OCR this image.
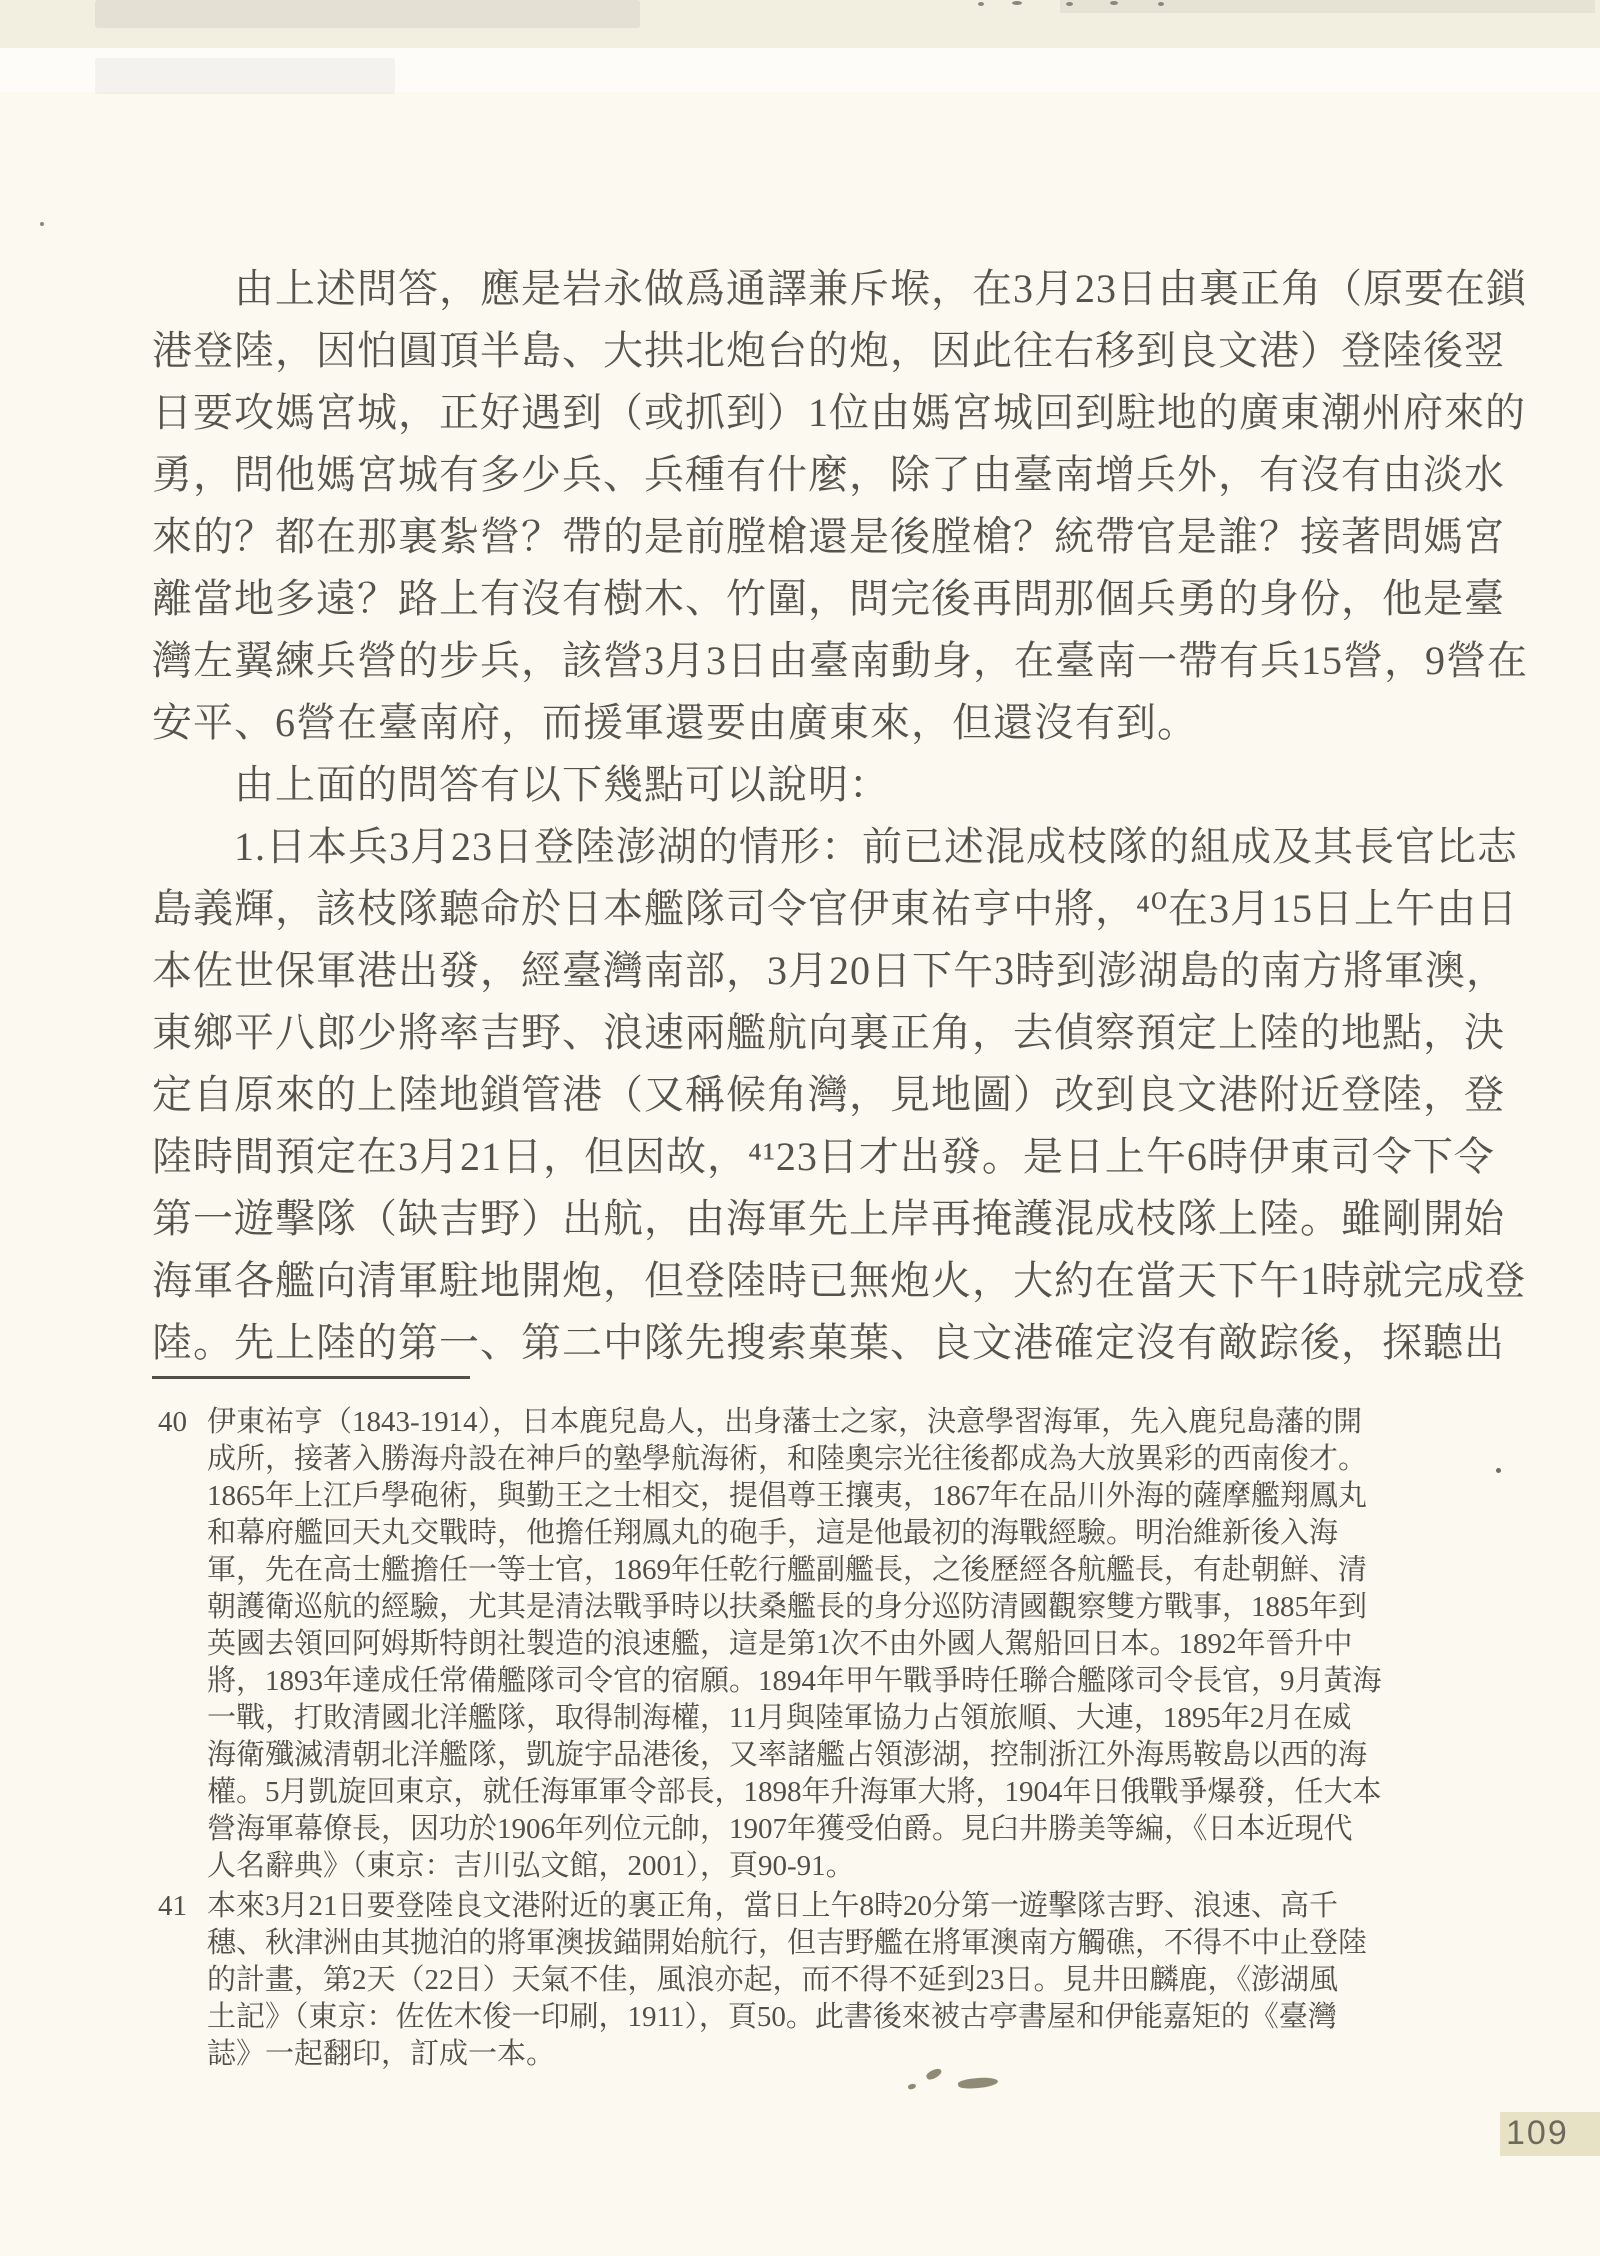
　　由上述問答，應是岩永做爲通譯兼斥堠，在3月23日由裏正角（原要在鎖
港登陸，因怕圓頂半島、大拱北炮台的炮，因此往右移到良文港）登陸後翌
日要攻媽宮城，正好遇到（或抓到）1位由媽宮城回到駐地的廣東潮州府來的
勇，問他媽宮城有多少兵、兵種有什麼，除了由臺南增兵外，有沒有由淡水
來的？都在那裏紮營？帶的是前膛槍還是後膛槍？統帶官是誰？接著問媽宮
離當地多遠？路上有沒有樹木、竹圍，問完後再問那個兵勇的身份，他是臺
灣左翼練兵營的步兵，該營3月3日由臺南動身，在臺南一帶有兵15營，9營在
安平、6營在臺南府，而援軍還要由廣東來，但還沒有到。
　　由上面的問答有以下幾點可以說明：
　　1.日本兵3月23日登陸澎湖的情形：前已述混成枝隊的組成及其長官比志
島義輝，該枝隊聽命於日本艦隊司令官伊東祐亨中將，⁴⁰在3月15日上午由日
本佐世保軍港出發，經臺灣南部，3月20日下午3時到澎湖島的南方將軍澳，
東鄉平八郎少將率吉野、浪速兩艦航向裏正角，去偵察預定上陸的地點，決
定自原來的上陸地鎖管港（又稱候角灣，見地圖）改到良文港附近登陸，登
陸時間預定在3月21日，但因故，⁴¹23日才出發。是日上午6時伊東司令下令
第一遊擊隊（缺吉野）出航，由海軍先上岸再掩護混成枝隊上陸。雖剛開始
海軍各艦向清軍駐地開炮，但登陸時已無炮火，大約在當天下午1時就完成登
陸。先上陸的第一、第二中隊先搜索菓葉、良文港確定沒有敵踪後，探聽出
40 伊東祐亨（1843-1914），日本鹿兒島人，出身藩士之家，決意學習海軍，先入鹿兒島藩的開
成所，接著入勝海舟設在神戶的塾學航海術，和陸奧宗光往後都成為大放異彩的西南俊才。
1865年上江戶學砲術，與勤王之士相交，提倡尊王攘夷，1867年在品川外海的薩摩艦翔鳳丸
和幕府艦回天丸交戰時，他擔任翔鳳丸的砲手，這是他最初的海戰經驗。明治維新後入海
軍，先在高士艦擔任一等士官，1869年任乾行艦副艦長，之後歷經各航艦長，有赴朝鮮、清
朝護衛巡航的經驗，尤其是清法戰爭時以扶桑艦長的身分巡防清國觀察雙方戰事，1885年到
英國去領回阿姆斯特朗社製造的浪速艦，這是第1次不由外國人駕船回日本。1892年晉升中
將，1893年達成任常備艦隊司令官的宿願。1894年甲午戰爭時任聯合艦隊司令長官，9月黃海
一戰，打敗清國北洋艦隊，取得制海權，11月與陸軍協力占領旅順、大連，1895年2月在威
海衛殲滅清朝北洋艦隊，凱旋宇品港後，又率諸艦占領澎湖，控制浙江外海馬鞍島以西的海
權。5月凱旋回東京，就任海軍軍令部長，1898年升海軍大將，1904年日俄戰爭爆發，任大本
營海軍幕僚長，因功於1906年列位元帥，1907年獲受伯爵。見臼井勝美等編，《日本近現代
人名辭典》（東京：吉川弘文館，2001），頁90-91。
41 本來3月21日要登陸良文港附近的裏正角，當日上午8時20分第一遊擊隊吉野、浪速、高千
穗、秋津洲由其拋泊的將軍澳拔錨開始航行，但吉野艦在將軍澳南方觸礁，不得不中止登陸
的計畫，第2天（22日）天氣不佳，風浪亦起，而不得不延到23日。見井田麟鹿，《澎湖風
土記》（東京：佐佐木俊一印刷，1911），頁50。此書後來被古亭書屋和伊能嘉矩的《臺灣
誌》一起翻印，訂成一本。
109
